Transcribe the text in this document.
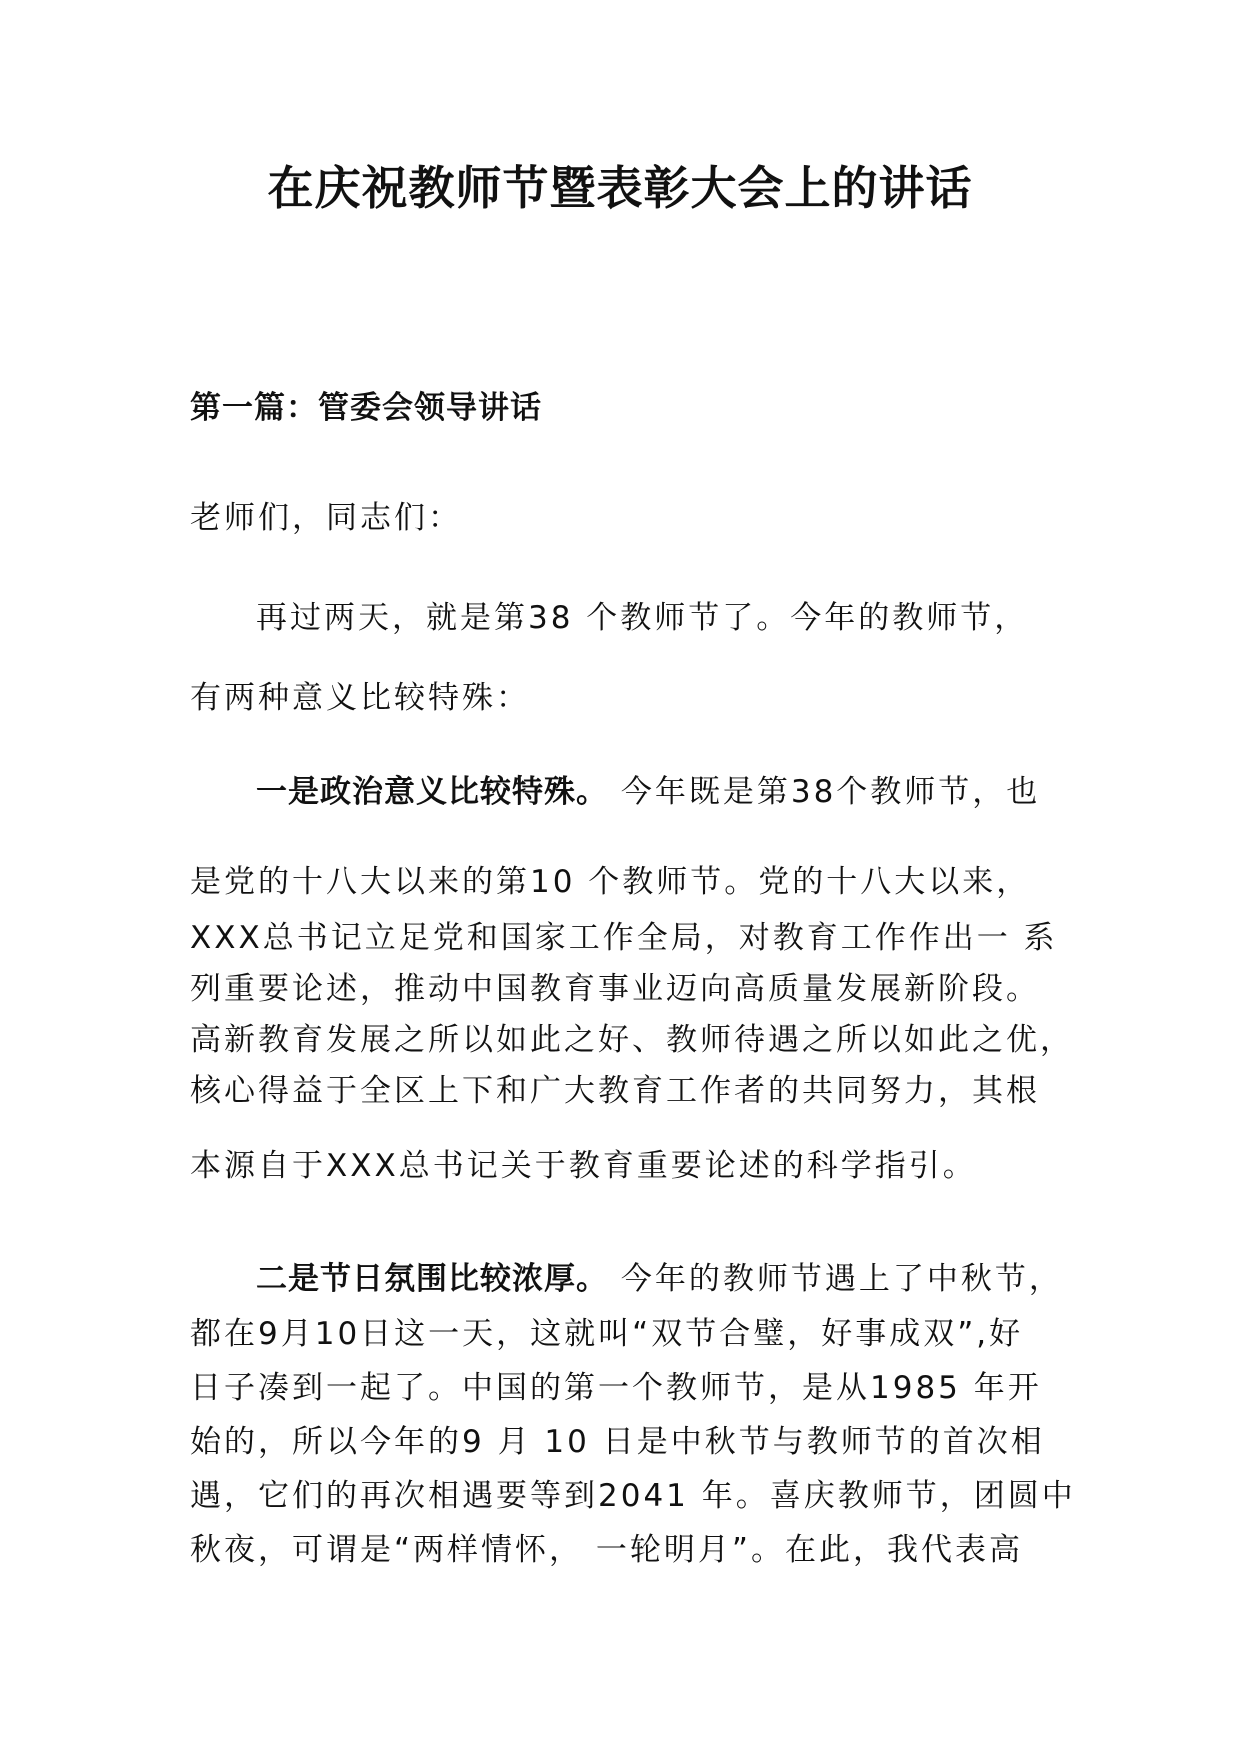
在庆祝教师节暨表彰大会上的讲话
第一篇：管委会领导讲话
老师们，同志们：
再过两天，就是第38 个教师节了。今年的教师节，
有两种意义比较特殊：
一是政治意义比较特殊。 今年既是第38个教师节，也
是党的十八大以来的第10 个教师节。党的十八大以来，
XXX总书记立足党和国家工作全局，对教育工作作出一 系
列重要论述，推动中国教育事业迈向高质量发展新阶段。
高新教育发展之所以如此之好、教师待遇之所以如此之优，
核心得益于全区上下和广大教育工作者的共同努力，其根
本源自于XXX总书记关于教育重要论述的科学指引。
二是节日氛围比较浓厚。 今年的教师节遇上了中秋节，
都在9月10日这一天，这就叫“双节合璧，好事成双”,好
日子凑到一起了。中国的第一个教师节，是从1985 年开
始的，所以今年的9 月 10 日是中秋节与教师节的首次相
遇，它们的再次相遇要等到2041 年。喜庆教师节，团圆中
秋夜，可谓是“两样情怀， 一轮明月”。在此，我代表高
